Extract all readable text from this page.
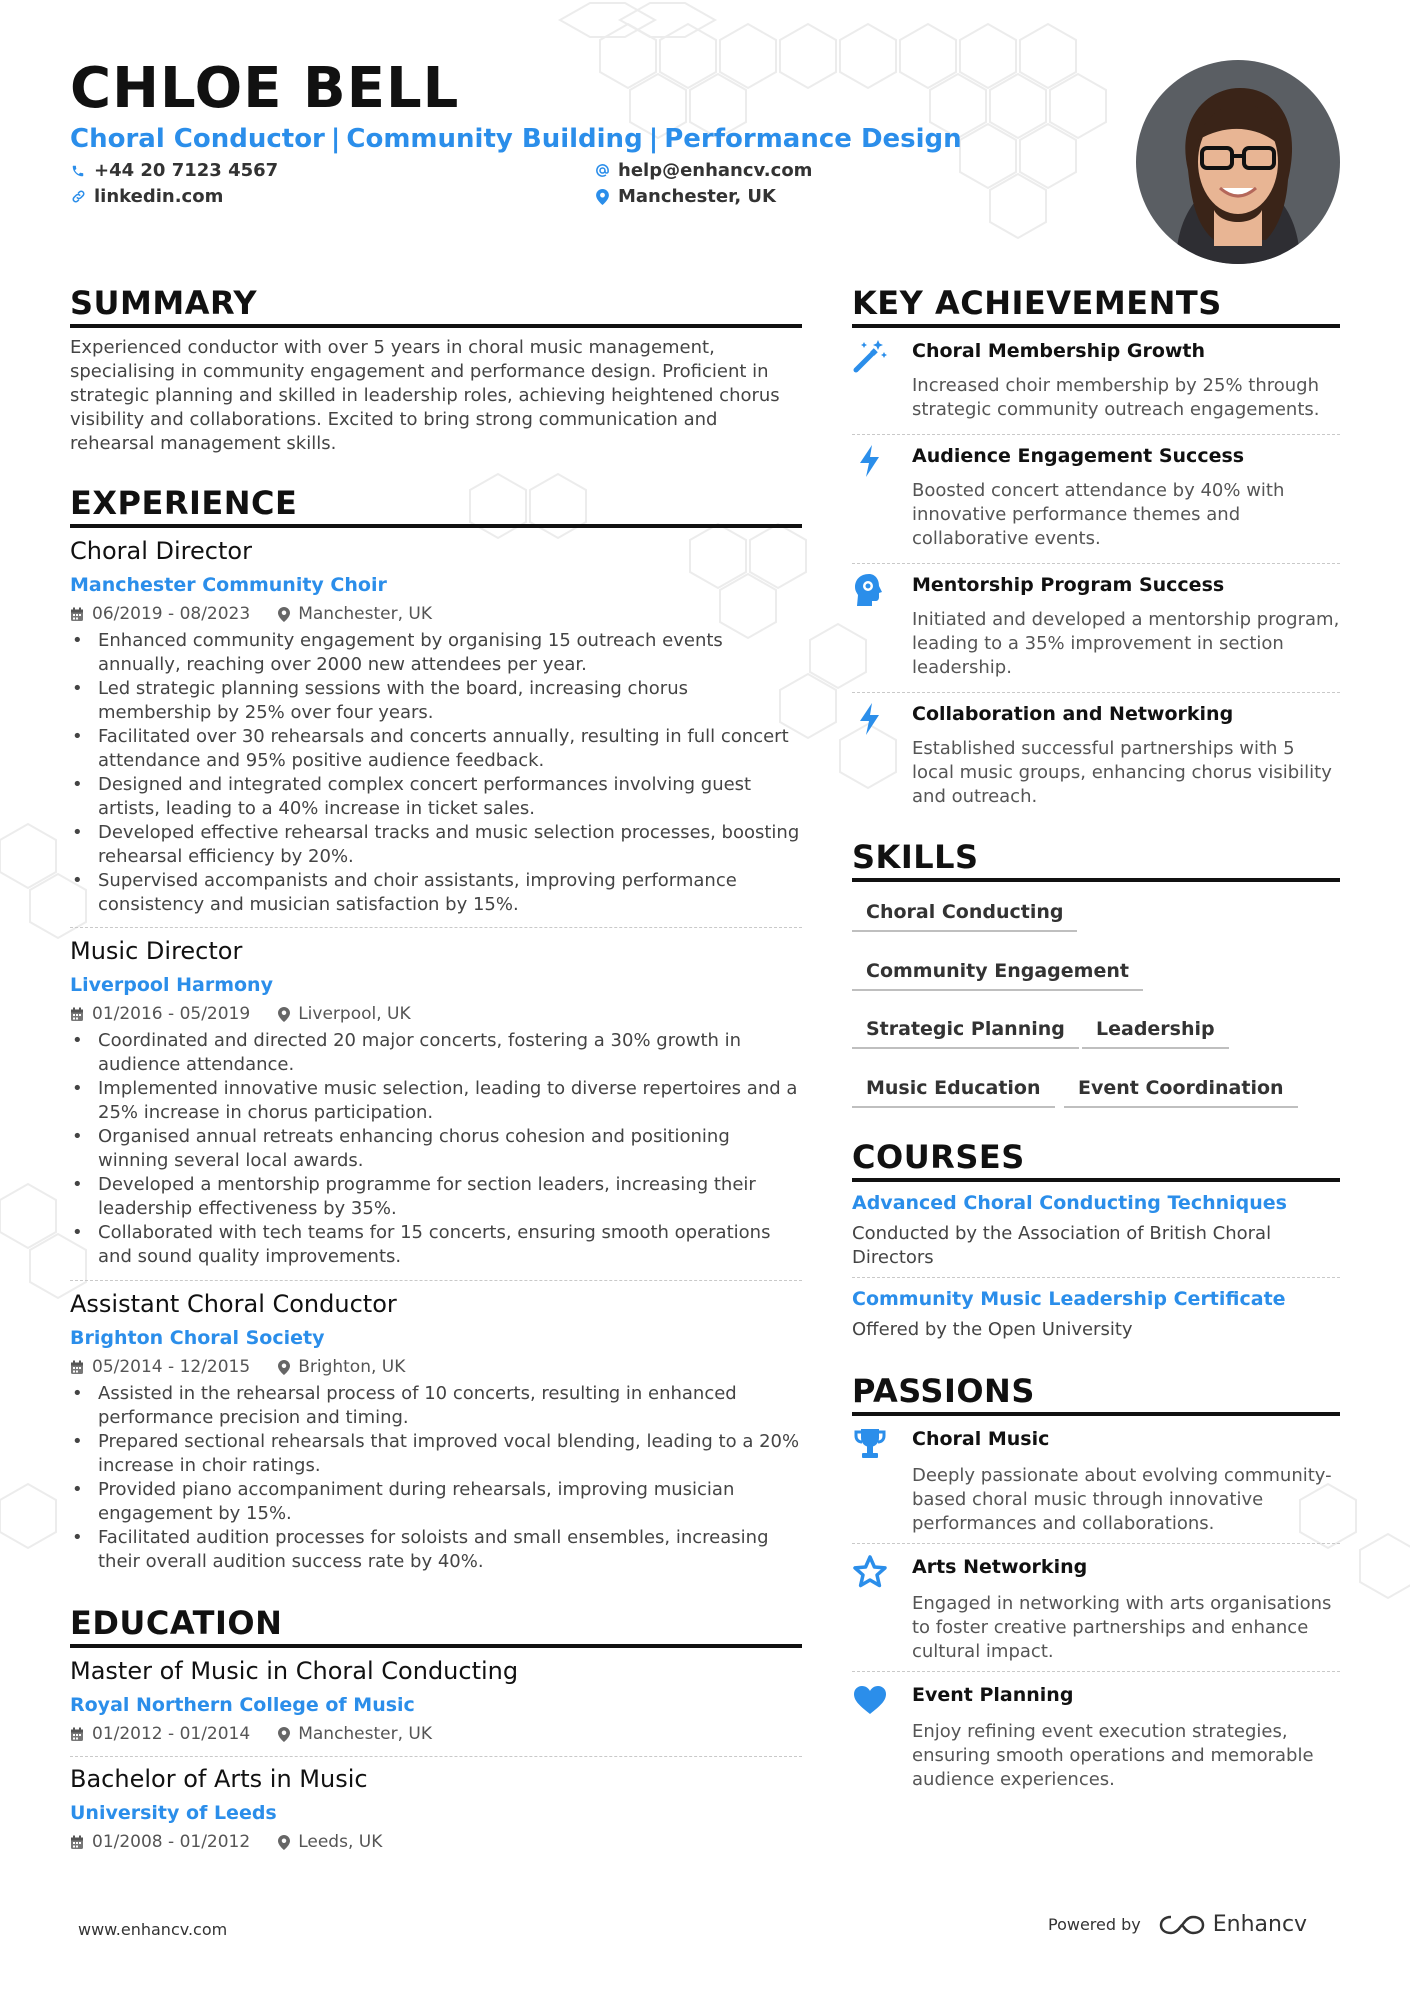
CHLOE BELL
Choral Conductor | Community Building | Performance Design
+44 20 7123 4567	help@enhancv.com
linkedin.com	Manchester, UK
SUMMARY
Experienced conductor with over 5 years in choral music management, specialising in community engagement and performance design. Proficient in strategic planning and skilled in leadership roles, achieving heightened chorus visibility and collaborations. Excited to bring strong communication and rehearsal management skills.
EXPERIENCE
Choral Director
Manchester Community Choir
06/2019 - 08/2023	Manchester, UK
• Enhanced community engagement by organising 15 outreach events annually, reaching over 2000 new attendees per year.
• Led strategic planning sessions with the board, increasing chorus membership by 25% over four years.
• Facilitated over 30 rehearsals and concerts annually, resulting in full concert attendance and 95% positive audience feedback.
• Designed and integrated complex concert performances involving guest artists, leading to a 40% increase in ticket sales.
• Developed effective rehearsal tracks and music selection processes, boosting rehearsal efficiency by 20%.
• Supervised accompanists and choir assistants, improving performance consistency and musician satisfaction by 15%.
Music Director
Liverpool Harmony
01/2016 - 05/2019	Liverpool, UK
• Coordinated and directed 20 major concerts, fostering a 30% growth in audience attendance.
• Implemented innovative music selection, leading to diverse repertoires and a 25% increase in chorus participation.
• Organised annual retreats enhancing chorus cohesion and positioning winning several local awards.
• Developed a mentorship programme for section leaders, increasing their leadership effectiveness by 35%.
• Collaborated with tech teams for 15 concerts, ensuring smooth operations and sound quality improvements.
Assistant Choral Conductor
Brighton Choral Society
05/2014 - 12/2015	Brighton, UK
• Assisted in the rehearsal process of 10 concerts, resulting in enhanced performance precision and timing.
• Prepared sectional rehearsals that improved vocal blending, leading to a 20% increase in choir ratings.
• Provided piano accompaniment during rehearsals, improving musician engagement by 15%.
• Facilitated audition processes for soloists and small ensembles, increasing their overall audition success rate by 40%.
EDUCATION
Master of Music in Choral Conducting
Royal Northern College of Music
01/2012 - 01/2014	Manchester, UK
Bachelor of Arts in Music
University of Leeds
01/2008 - 01/2012	Leeds, UK
KEY ACHIEVEMENTS
Choral Membership Growth
Increased choir membership by 25% through strategic community outreach engagements.
Audience Engagement Success
Boosted concert attendance by 40% with innovative performance themes and collaborative events.
Mentorship Program Success
Initiated and developed a mentorship program, leading to a 35% improvement in section leadership.
Collaboration and Networking
Established successful partnerships with 5 local music groups, enhancing chorus visibility and outreach.
SKILLS
Choral Conducting
Community Engagement
Strategic Planning	Leadership
Music Education	Event Coordination
COURSES
Advanced Choral Conducting Techniques
Conducted by the Association of British Choral Directors
Community Music Leadership Certificate
Offered by the Open University
PASSIONS
Choral Music
Deeply passionate about evolving community-based choral music through innovative performances and collaborations.
Arts Networking
Engaged in networking with arts organisations to foster creative partnerships and enhance cultural impact.
Event Planning
Enjoy refining event execution strategies, ensuring smooth operations and memorable audience experiences.
www.enhancv.com	Powered by	Enhancv
